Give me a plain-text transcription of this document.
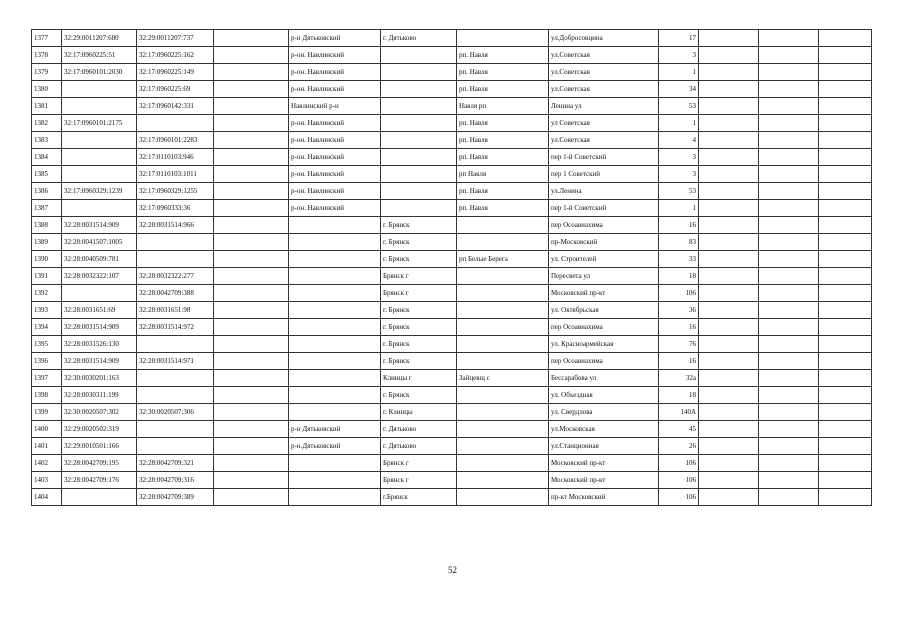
1377	32:29:0011207:680	32:29:0011207:737		р-н Дятьковский	г. Дятьково		ул.Добросовцина	17			
1378	32:17:0960225:51	32:17:0960225:162		р-он. Навлинский		рп. Навля	ул.Советская	3			
1379	32:17:0960101:2030	32:17:0960225:149		р-он. Навлинский		рп. Навля	ул.Советская	1			
1380		32:17:0960225:69		р-он. Навлинский		рп. Навля	ул.Советская	34			
1381		32:17:0960142:331		Навлинский р-н		Навля рп	Ленина ул	53			
1382	32:17:0960101:2175			р-он. Навлинский		рп. Навля	ул Советская	1			
1383		32:17:0960101:2283		р-он. Навлинский		рп. Навля	ул.Советская	4			
1384		32:17:0110103:946		р-он. Навлинский		рп. Навля	пер 1-й Советский	3			
1385		32:17:0110103:1011		р-он. Навлинский		рп Навля	пер 1 Советский	3			
1386	32:17:0960329:1239	32:17:0960329:1255		р-он. Навлинский		рп. Навля	ул.Ленина	53			
1387		32:17:0960333:36		р-он. Навлинский		рп. Навля	пер 1-й Советский	1			
1388	32:28:0031514:909	32:28:0031514:966			г. Брянск		пер Осоавиахима	16			
1389	32:28:0041507:1005				г. Брянск		пр-Московский	83			
1390	32:28:0040509:781				г. Брянск	рп Белые Берега	ул. Строителей	33			
1391	32:28:0032322:107	32:28:0032322:277			Брянск г		Пересвета ул	18			
1392		32:28:0042709:388			Брянск г		Московский пр-кт	106			
1393	32:28:0031651:69	32:28:0031651:98			г. Брянск		ул. Октябрьская	36			
1394	32:28:0031514:909	32:28:0031514:972			г. Брянск		пер Осоавиахима	16			
1395	32:28:0031526:130				г. Брянск		ул. Красноармейская	76			
1396	32:28:0031514:909	32:28:0031514:971			г. Брянск		пер Осоавиахима	16			
1397	32:30:0030201:163				Клинцы г	Зайцевщ с	Бессарабова ул	32а			
1398	32:28:0030311:199				г. Брянск		ул. Объездная	18			
1399	32:30:0020507:302	32:30:0020507:306			г. Клинцы		ул. Свердлова	140А			
1400	32:29:0020502:319			р-н Дятьковский	г. Дятьково		ул.Московская	45			
1401	32:29:0010501:166			р-н.Дятьковский	г. Дятьково		ул.Станционная	26			
1402	32:28:0042709:195	32:28:0042709:321			Брянск г		Московский пр-кт	106			
1403	32:28:0042709:176	32:28:0042709:316			Брянск г		Московский пр-кт	106			
1404		32:28:0042709:389			г.Брянск		пр-кт Московский	106			
52
